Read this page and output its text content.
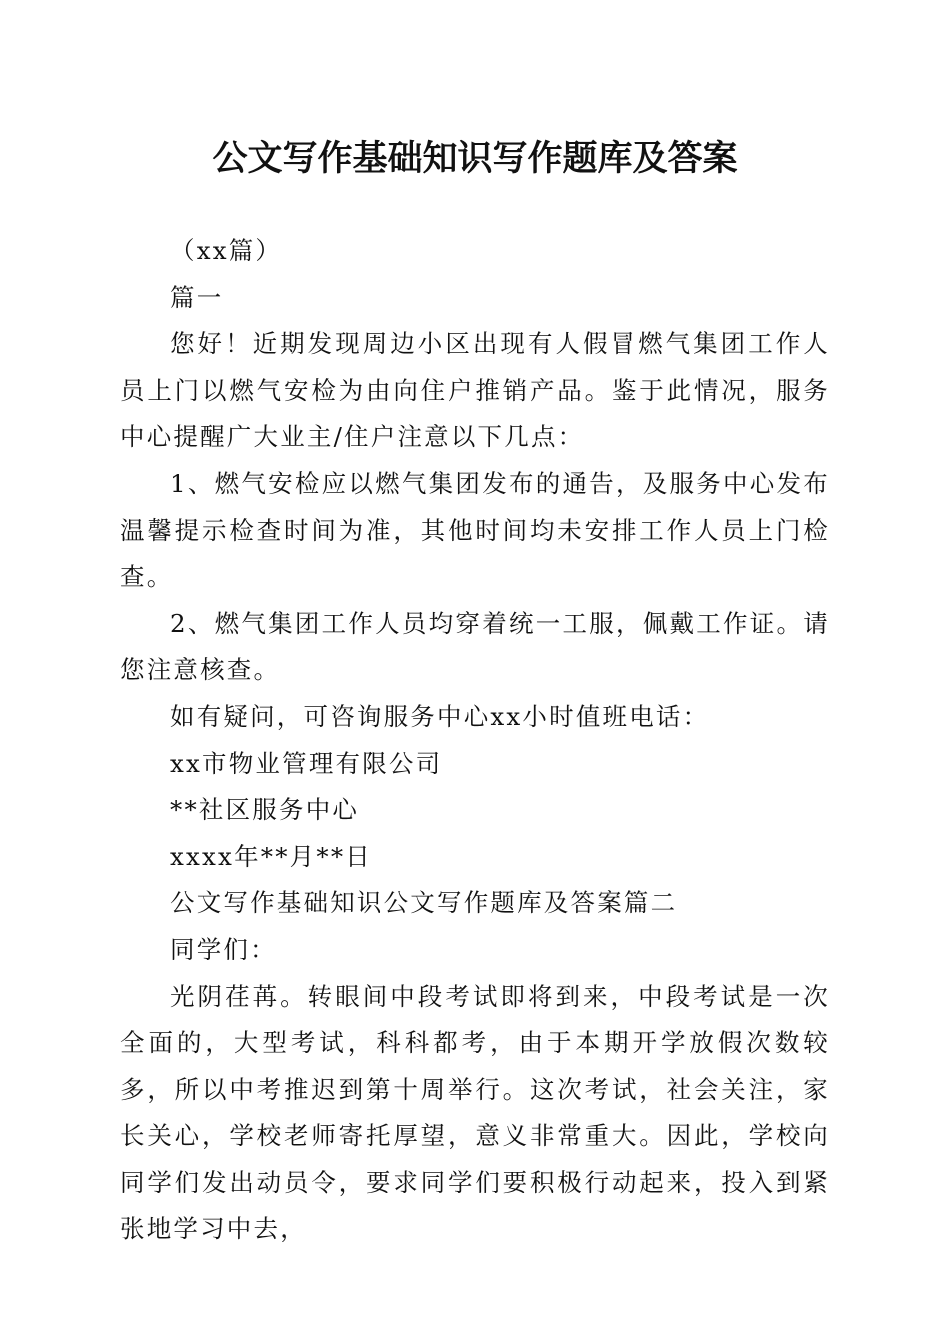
公文写作基础知识写作题库及答案

（xx篇）

篇一

您好！近期发现周边小区出现有人假冒燃气集团工作人员上门以燃气安检为由向住户推销产品。鉴于此情况，服务中心提醒广大业主/住户注意以下几点：

1、燃气安检应以燃气集团发布的通告，及服务中心发布温馨提示检查时间为准，其他时间均未安排工作人员上门检查。

2、燃气集团工作人员均穿着统一工服，佩戴工作证。请您注意核查。

如有疑问，可咨询服务中心xx小时值班电话：

xx市物业管理有限公司

**社区服务中心

xxxx年**月**日

公文写作基础知识公文写作题库及答案篇二

同学们：

光阴荏苒。转眼间中段考试即将到来，中段考试是一次全面的，大型考试，科科都考，由于本期开学放假次数较多，所以中考推迟到第十周举行。这次考试，社会关注，家长关心，学校老师寄托厚望，意义非常重大。因此，学校向同学们发出动员令，要求同学们要积极行动起来，投入到紧张地学习中去，
